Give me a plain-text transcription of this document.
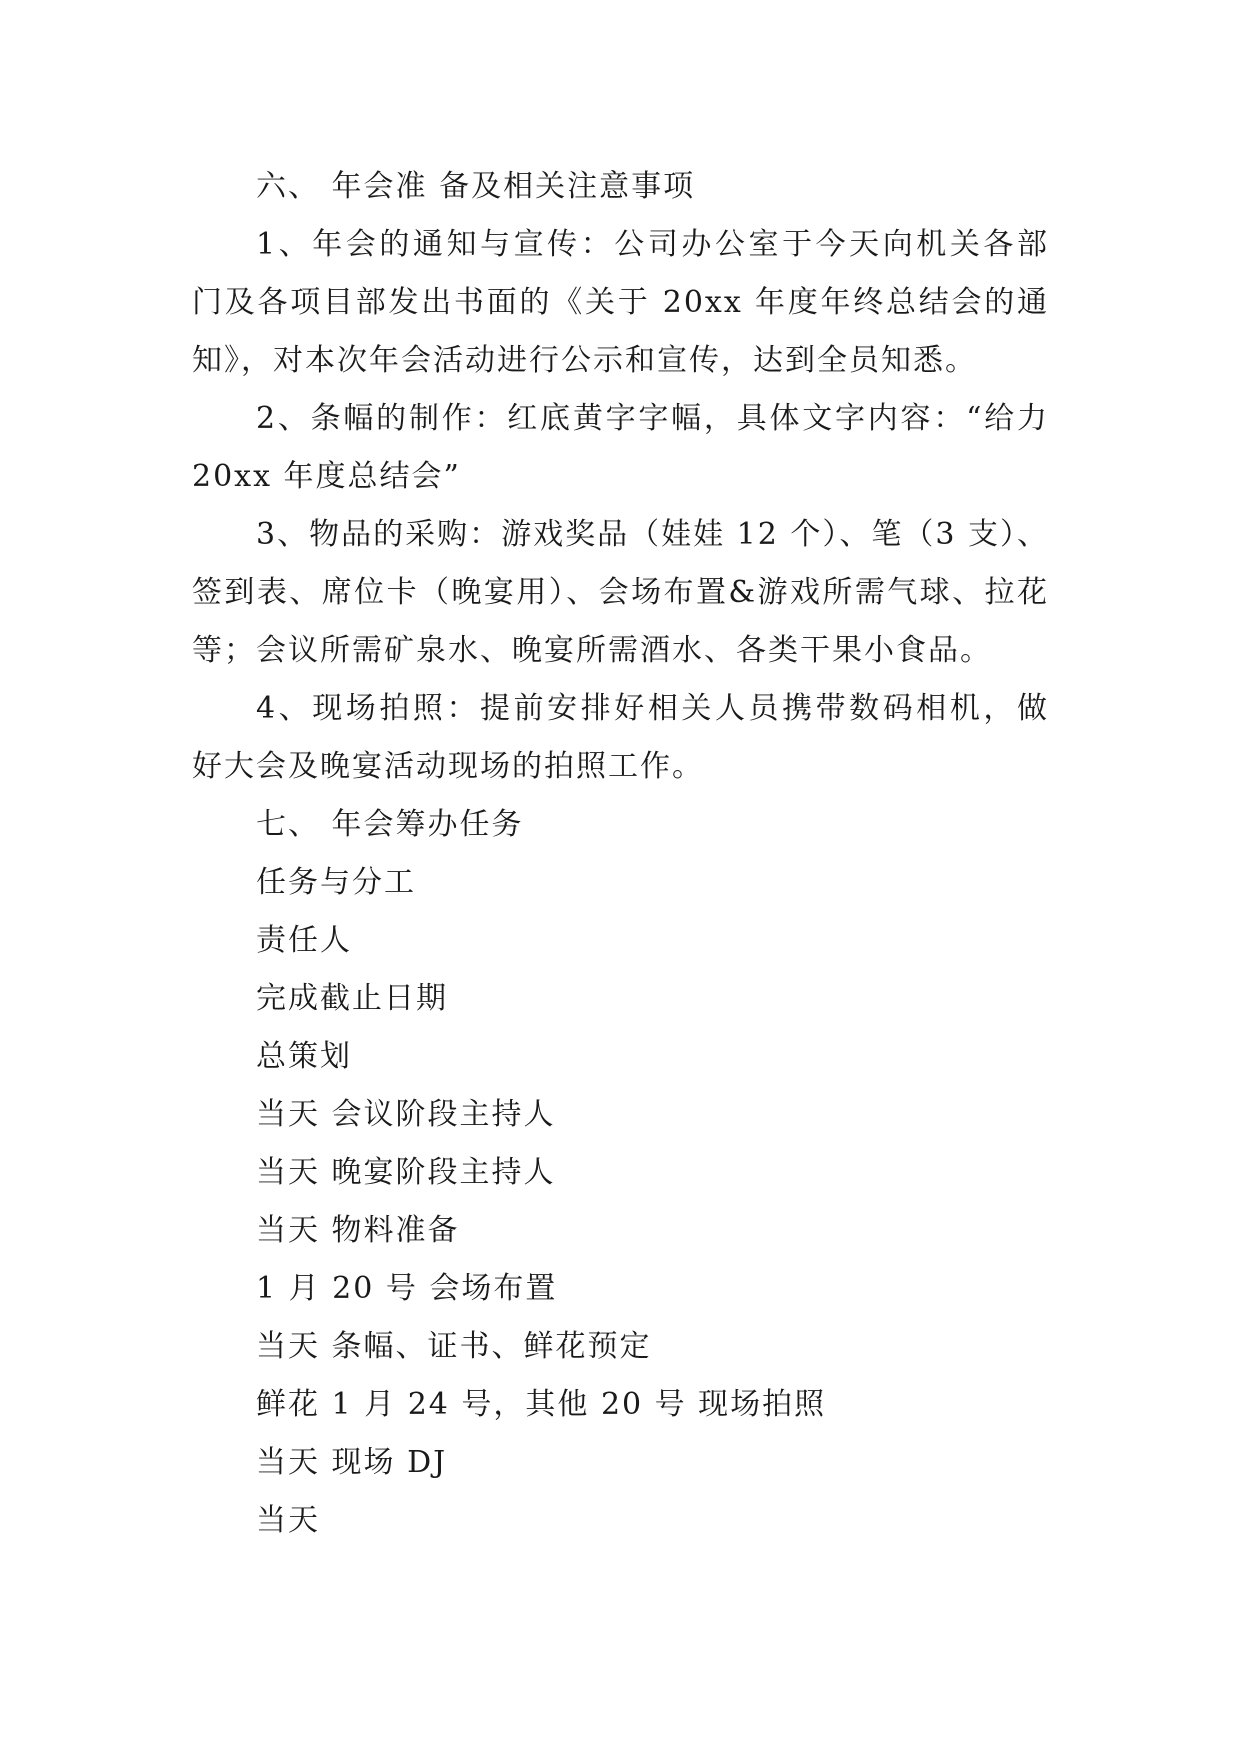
六、 年会准 备及相关注意事项
1、年会的通知与宣传：公司办公室于今天向机关各部
门及各项目部发出书面的《关于 20xx 年度年终总结会的通
知》，对本次年会活动进行公示和宣传，达到全员知悉。
2、条幅的制作：红底黄字字幅，具体文字内容：“给力
20xx 年度总结会”
3、物品的采购：游戏奖品（娃娃 12 个）、笔（3 支）、
签到表、席位卡（晚宴用）、会场布置&游戏所需气球、拉花
等；会议所需矿泉水、晚宴所需酒水、各类干果小食品。
4、现场拍照：提前安排好相关人员携带数码相机，做
好大会及晚宴活动现场的拍照工作。
七、 年会筹办任务
任务与分工
责任人
完成截止日期
总策划
当天 会议阶段主持人
当天 晚宴阶段主持人
当天 物料准备
1 月 20 号 会场布置
当天 条幅、证书、鲜花预定
鲜花 1 月 24 号，其他 20 号 现场拍照
当天 现场 DJ
当天
